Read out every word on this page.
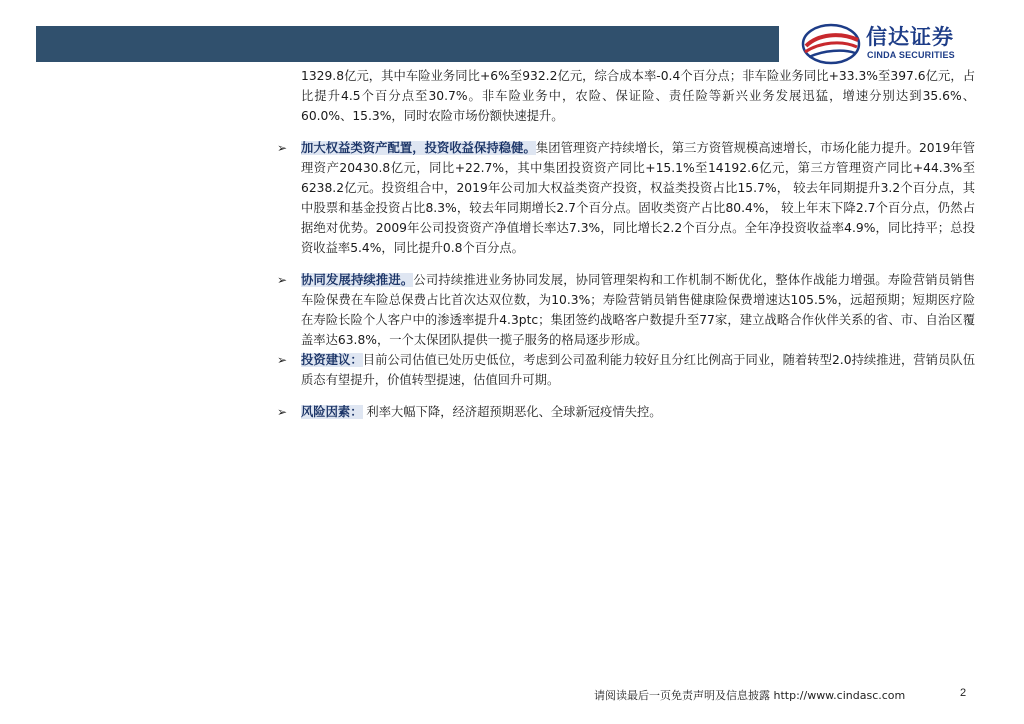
信达证券
CINDA SECURITIES

1329.8亿元，其中车险业务同比+6%至932.2亿元，综合成本率-0.4个百分点；非车险业务同比+33.3%至397.6亿元，占比提升4.5个百分点至30.7%。非车险业务中，农险、保证险、责任险等新兴业务发展迅猛，增速分别达到35.6%、60.0%、15.3%，同时农险市场份额快速提升。

➢ 加大权益类资产配置，投资收益保持稳健。集团管理资产持续增长，第三方资管规模高速增长，市场化能力提升。2019年管理资产20430.8亿元，同比+22.7%，其中集团投资资产同比+15.1%至14192.6亿元，第三方管理资产同比+44.3%至6238.2亿元。投资组合中，2019年公司加大权益类资产投资，权益类投资占比15.7%， 较去年同期提升3.2个百分点，其中股票和基金投资占比8.3%，较去年同期增长2.7个百分点。固收类资产占比80.4%， 较上年末下降2.7个百分点，仍然占据绝对优势。2009年公司投资资产净值增长率达7.3%，同比增长2.2个百分点。全年净投资收益率4.9%，同比持平；总投资收益率5.4%，同比提升0.8个百分点。

➢ 协同发展持续推进。公司持续推进业务协同发展，协同管理架构和工作机制不断优化，整体作战能力增强。寿险营销员销售车险保费在车险总保费占比首次达双位数，为10.3%；寿险营销员销售健康险保费增速达105.5%，远超预期；短期医疗险在寿险长险个人客户中的渗透率提升4.3ptc；集团签约战略客户数提升至77家，建立战略合作伙伴关系的省、市、自治区覆盖率达63.8%，一个太保团队提供一揽子服务的格局逐步形成。

➢ 投资建议：目前公司估值已处历史低位，考虑到公司盈利能力较好且分红比例高于同业，随着转型2.0持续推进，营销员队伍质态有望提升，价值转型提速，估值回升可期。

➢ 风险因素： 利率大幅下降，经济超预期恶化、全球新冠疫情失控。

请阅读最后一页免责声明及信息披露 http://www.cindasc.com	2
